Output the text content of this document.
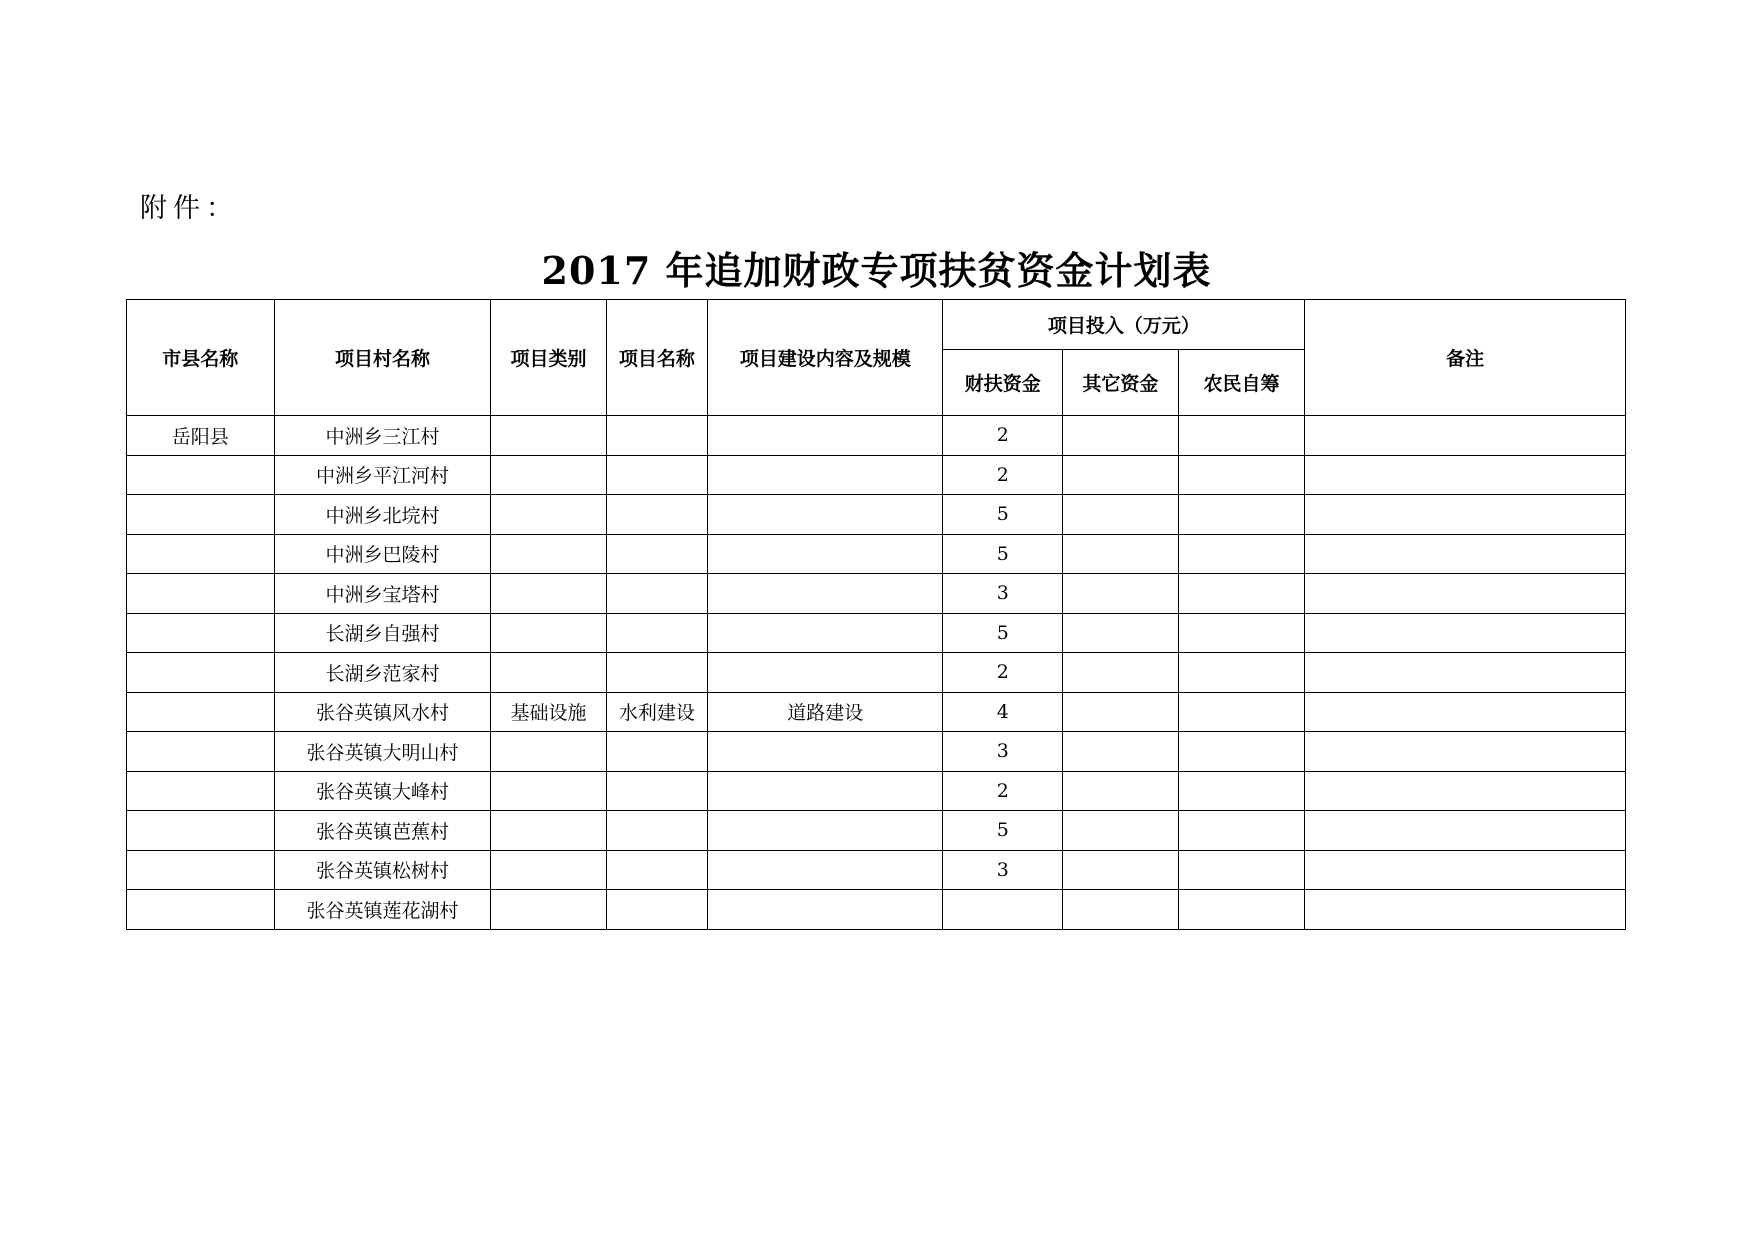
附件：
2017 年追加财政专项扶贫资金计划表
市县名称	项目村名称	项目类别	项目名称	项目建设内容及规模	项目投入（万元）			备注
					财扶资金	其它资金	农民自筹	
岳阳县	中洲乡三江村				2			
	中洲乡平江河村				2			
	中洲乡北垸村				5			
	中洲乡巴陵村				5			
	中洲乡宝塔村				3			
	长湖乡自强村				5			
	长湖乡范家村				2			
	张谷英镇风水村	基础设施	水利建设	道路建设	4			
	张谷英镇大明山村				3			
	张谷英镇大峰村				2			
	张谷英镇芭蕉村				5			
	张谷英镇松树村				3			
	张谷英镇莲花湖村							
